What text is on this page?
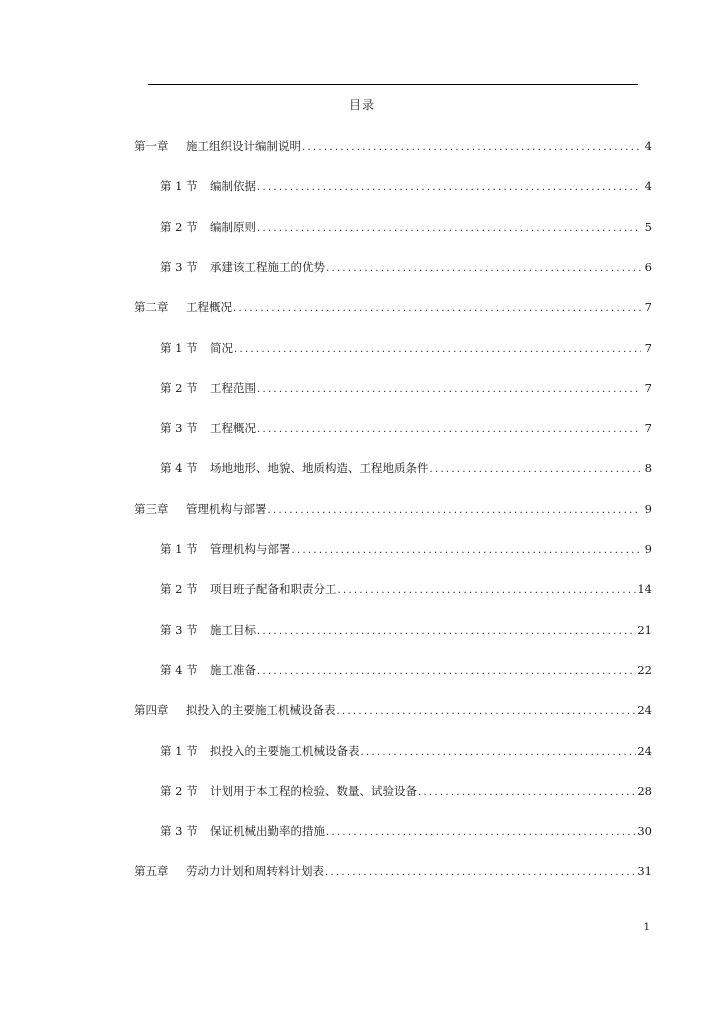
目录
第一章	施工组织设计编制说明 .....	4
第 1 节	编制依据 .....	4
第 2 节	编制原则 .....	5
第 3 节	承建该工程施工的优势 .....	6
第二章	工程概况 .....	7
第 1 节	简况 .....	7
第 2 节	工程范围 .....	7
第 3 节	工程概况 .....	7
第 4 节	场地地形、地貌、地质构造、工程地质条件 .....	8
第三章	管理机构与部署 .....	9
第 1 节	管理机构与部署 .....	9
第 2 节	项目班子配备和职责分工 .....	14
第 3 节	施工目标 .....	21
第 4 节	施工准备 .....	22
第四章	拟投入的主要施工机械设备表 .....	24
第 1 节	拟投入的主要施工机械设备表 .....	24
第 2 节	计划用于本工程的检验、数量、试验设备 .....	28
第 3 节	保证机械出勤率的措施 .....	30
第五章	劳动力计划和周转料计划表 .....	31
1
